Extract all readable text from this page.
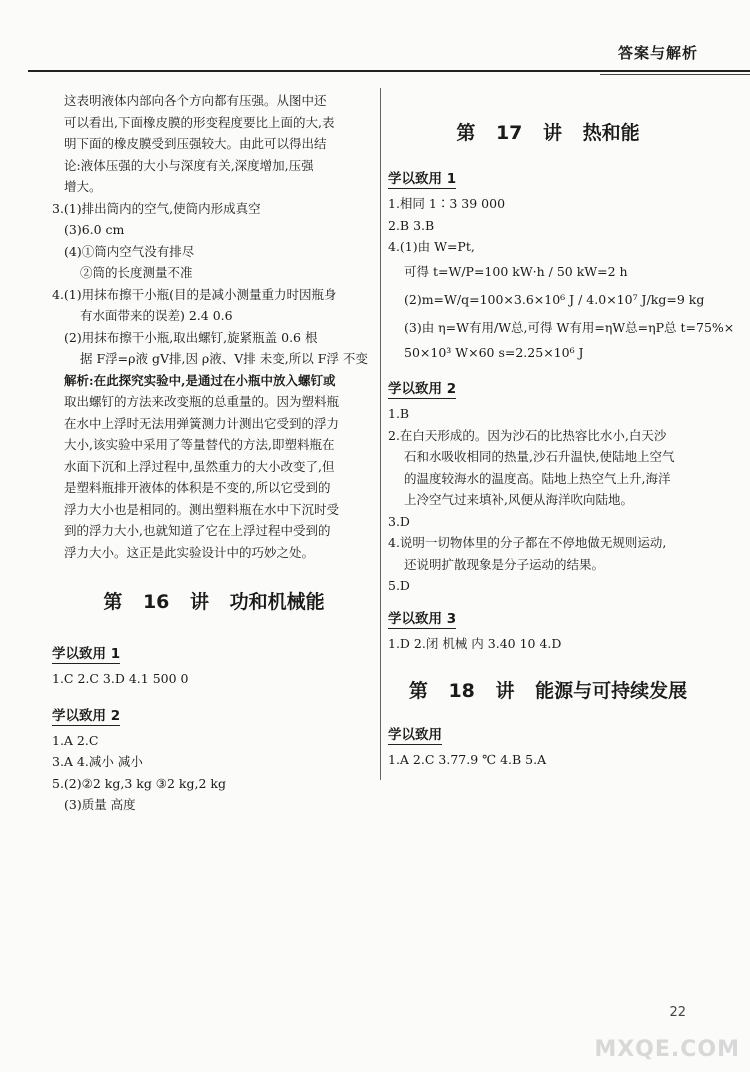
答案与解析
这表明液体内部向各个方向都有压强。从图中还
可以看出,下面橡皮膜的形变程度要比上面的大,表
明下面的橡皮膜受到压强较大。由此可以得出结
论:液体压强的大小与深度有关,深度增加,压强
增大。
3.(1)排出筒内的空气,使筒内形成真空
(3)6.0 cm
(4)①筒内空气没有排尽
②筒的长度测量不准
4.(1)用抹布擦干小瓶(目的是减小测量重力时因瓶身
有水面带来的误差) 2.4 0.6
(2)用抹布擦干小瓶,取出螺钉,旋紧瓶盖 0.6 根
据 F浮=ρ液 gV排,因 ρ液、V排 未变,所以 F浮 不变
解析:在此探究实验中,是通过在小瓶中放入螺钉或
取出螺钉的方法来改变瓶的总重量的。因为塑料瓶
在水中上浮时无法用弹簧测力计测出它受到的浮力
大小,该实验中采用了等量替代的方法,即塑料瓶在
水面下沉和上浮过程中,虽然重力的大小改变了,但
是塑料瓶排开液体的体积是不变的,所以它受到的
浮力大小也是相同的。测出塑料瓶在水中下沉时受
到的浮力大小,也就知道了它在上浮过程中受到的
浮力大小。这正是此实验设计中的巧妙之处。
第 16 讲 功和机械能
学以致用 1
1.C 2.C 3.D 4.1 500 0
学以致用 2
1.A 2.C
3.A 4.减小 减小
5.(2)②2 kg,3 kg ③2 kg,2 kg
(3)质量 高度
第 17 讲 热和能
学以致用 1
1.相同 1∶3 39 000
2.B 3.B
4.(1)由 W=Pt,
可得 t=W/P=100 kW·h / 50 kW=2 h
(2)m=W/q=100×3.6×10⁶ J / 4.0×10⁷ J/kg=9 kg
(3)由 η=W有用/W总,可得 W有用=ηW总=ηP总 t=75%×
50×10³ W×60 s=2.25×10⁶ J
学以致用 2
1.B
2.在白天形成的。因为沙石的比热容比水小,白天沙
石和水吸收相同的热量,沙石升温快,使陆地上空气
的温度较海水的温度高。陆地上热空气上升,海洋
上冷空气过来填补,风便从海洋吹向陆地。
3.D
4.说明一切物体里的分子都在不停地做无规则运动,
还说明扩散现象是分子运动的结果。
5.D
学以致用 3
1.D 2.闭 机械 内 3.40 10 4.D
第 18 讲 能源与可持续发展
学以致用
1.A 2.C 3.77.9 ℃ 4.B 5.A
22
MXQE.COM
